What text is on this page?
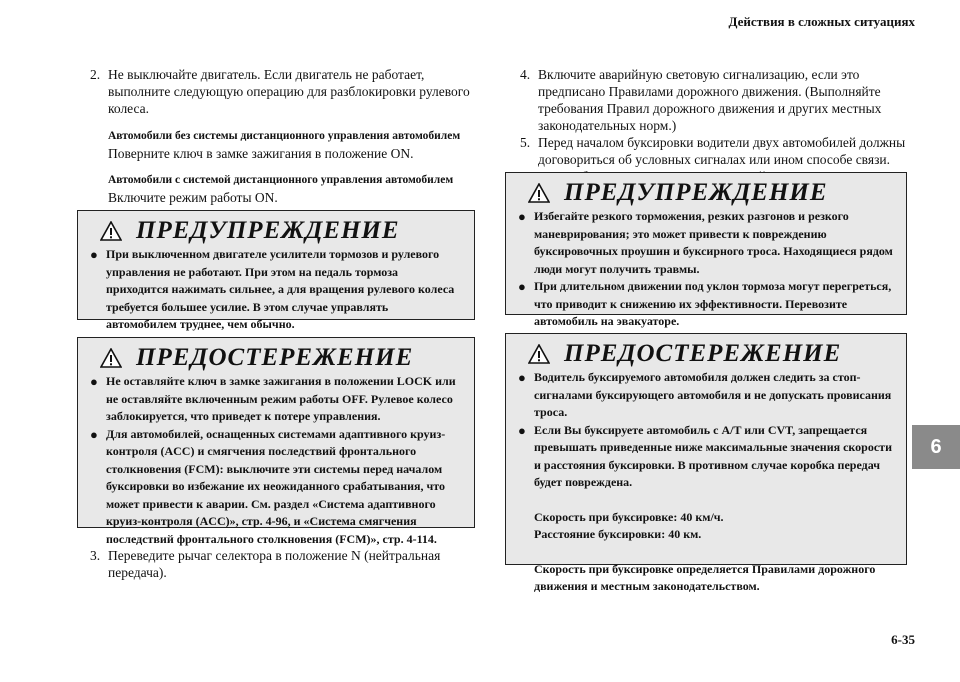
Действия в сложных ситуациях
6-35
6
2. Не выключайте двигатель. Если двигатель не работает, выполните следующую операцию для разблокировки рулевого колеса.
Автомобили без системы дистанционного управления автомобилем
Поверните ключ в замке зажигания в положение ON.
Автомобили с системой дистанционного управления автомобилем
Включите режим работы ON.
ПРЕДУПРЕЖДЕНИЕ
● При выключенном двигателе усилители тормозов и рулевого управления не работают. При этом на педаль тормоза приходится нажимать сильнее, а для вращения рулевого колеса требуется большее усилие. В этом случае управлять автомобилем труднее, чем обычно.
ПРЕДОСТЕРЕЖЕНИЕ
● Не оставляйте ключ в замке зажигания в положении LOCK или не оставляйте включенным режим работы OFF. Рулевое колесо заблокируется, что приведет к потере управления.
● Для автомобилей, оснащенных системами адаптивного круиз-контроля (ACC) и смягчения последствий фронтального столкновения (FCM): выключите эти системы перед началом буксировки во избежание их неожиданного срабатывания, что может привести к аварии. См. раздел «Система адаптивного круиз-контроля (ACC)», стр. 4-96, и «Система смягчения последствий фронтального столкновения (FCM)», стр. 4-114.
3. Переведите рычаг селектора в положение N (нейтральная передача).
4. Включите аварийную световую сигнализацию, если это предписано Правилами дорожного движения. (Выполняйте требования Правил дорожного движения и других местных законодательных норм.)
5. Перед началом буксировки водители двух автомобилей должны договориться об условных сигналах или ином способе связи.
ПРЕДУПРЕЖДЕНИЕ
● Избегайте резкого торможения, резких разгонов и резкого маневрирования; это может привести к повреждению буксировочных проушин и буксирного троса. Находящиеся рядом люди могут получить травмы.
● При длительном движении под уклон тормоза могут перегреться, что приводит к снижению их эффективности. Перевозите автомобиль на эвакуаторе.
ПРЕДОСТЕРЕЖЕНИЕ
● Водитель буксируемого автомобиля должен следить за стоп-сигналами буксирующего автомобиля и не допускать провисания троса.
● Если Вы буксируете автомобиль с A/T или CVT, запрещается превышать приведенные ниже максимальные значения скорости и расстояния буксировки. В противном случае коробка передач будет повреждена.
Скорость при буксировке: 40 км/ч.
Расстояние буксировки: 40 км.
Скорость при буксировке определяется Правилами дорожного движения и местным законодательством.
